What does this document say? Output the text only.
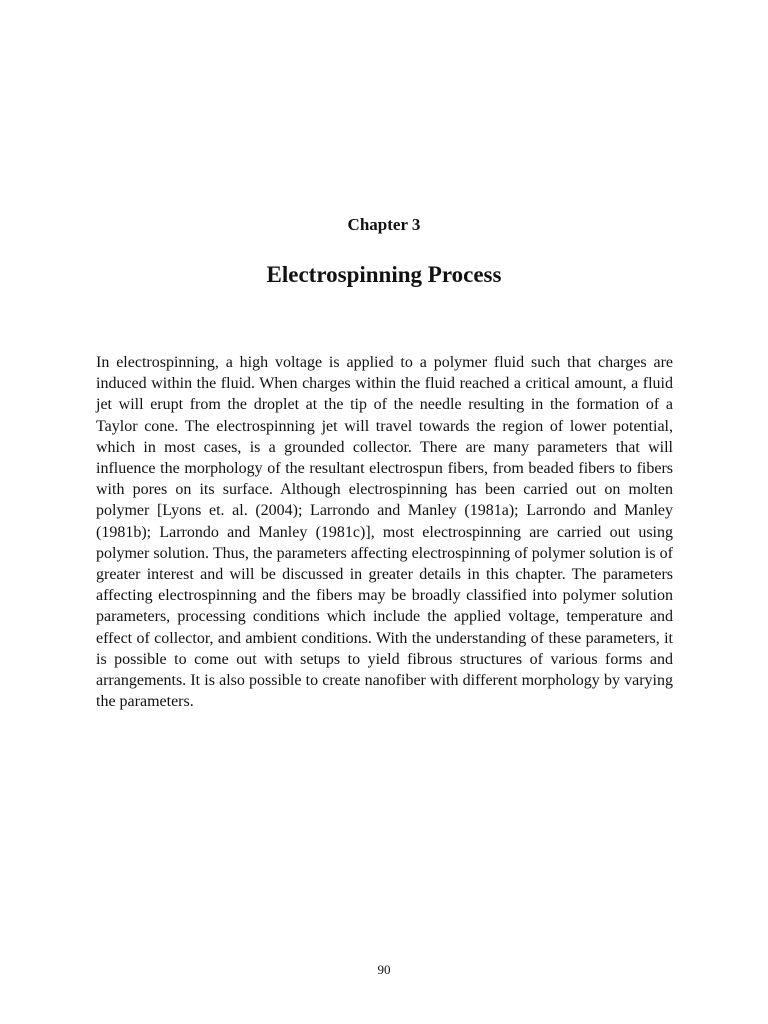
Chapter 3
Electrospinning Process

In electrospinning, a high voltage is applied to a polymer fluid such that charges are induced within the fluid. When charges within the fluid reached a critical amount, a fluid jet will erupt from the droplet at the tip of the needle resulting in the formation of a Taylor cone. The electrospinning jet will travel towards the region of lower potential, which in most cases, is a grounded collector. There are many parameters that will influence the morphology of the resultant electrospun fibers, from beaded fibers to fibers with pores on its surface. Although electrospinning has been carried out on molten polymer [Lyons et. al. (2004); Larrondo and Manley (1981a); Larrondo and Manley (1981b); Larrondo and Manley (1981c)], most electrospinning are carried out using polymer solution. Thus, the parameters affecting electrospinning of polymer solution is of greater interest and will be discussed in greater details in this chapter. The parameters affecting electrospinning and the fibers may be broadly classified into polymer solution parameters, processing conditions which include the applied voltage, temperature and effect of collector, and ambient conditions. With the understanding of these parameters, it is possible to come out with setups to yield fibrous structures of various forms and arrangements. It is also possible to create nanofiber with different morphology by varying the parameters.

90
